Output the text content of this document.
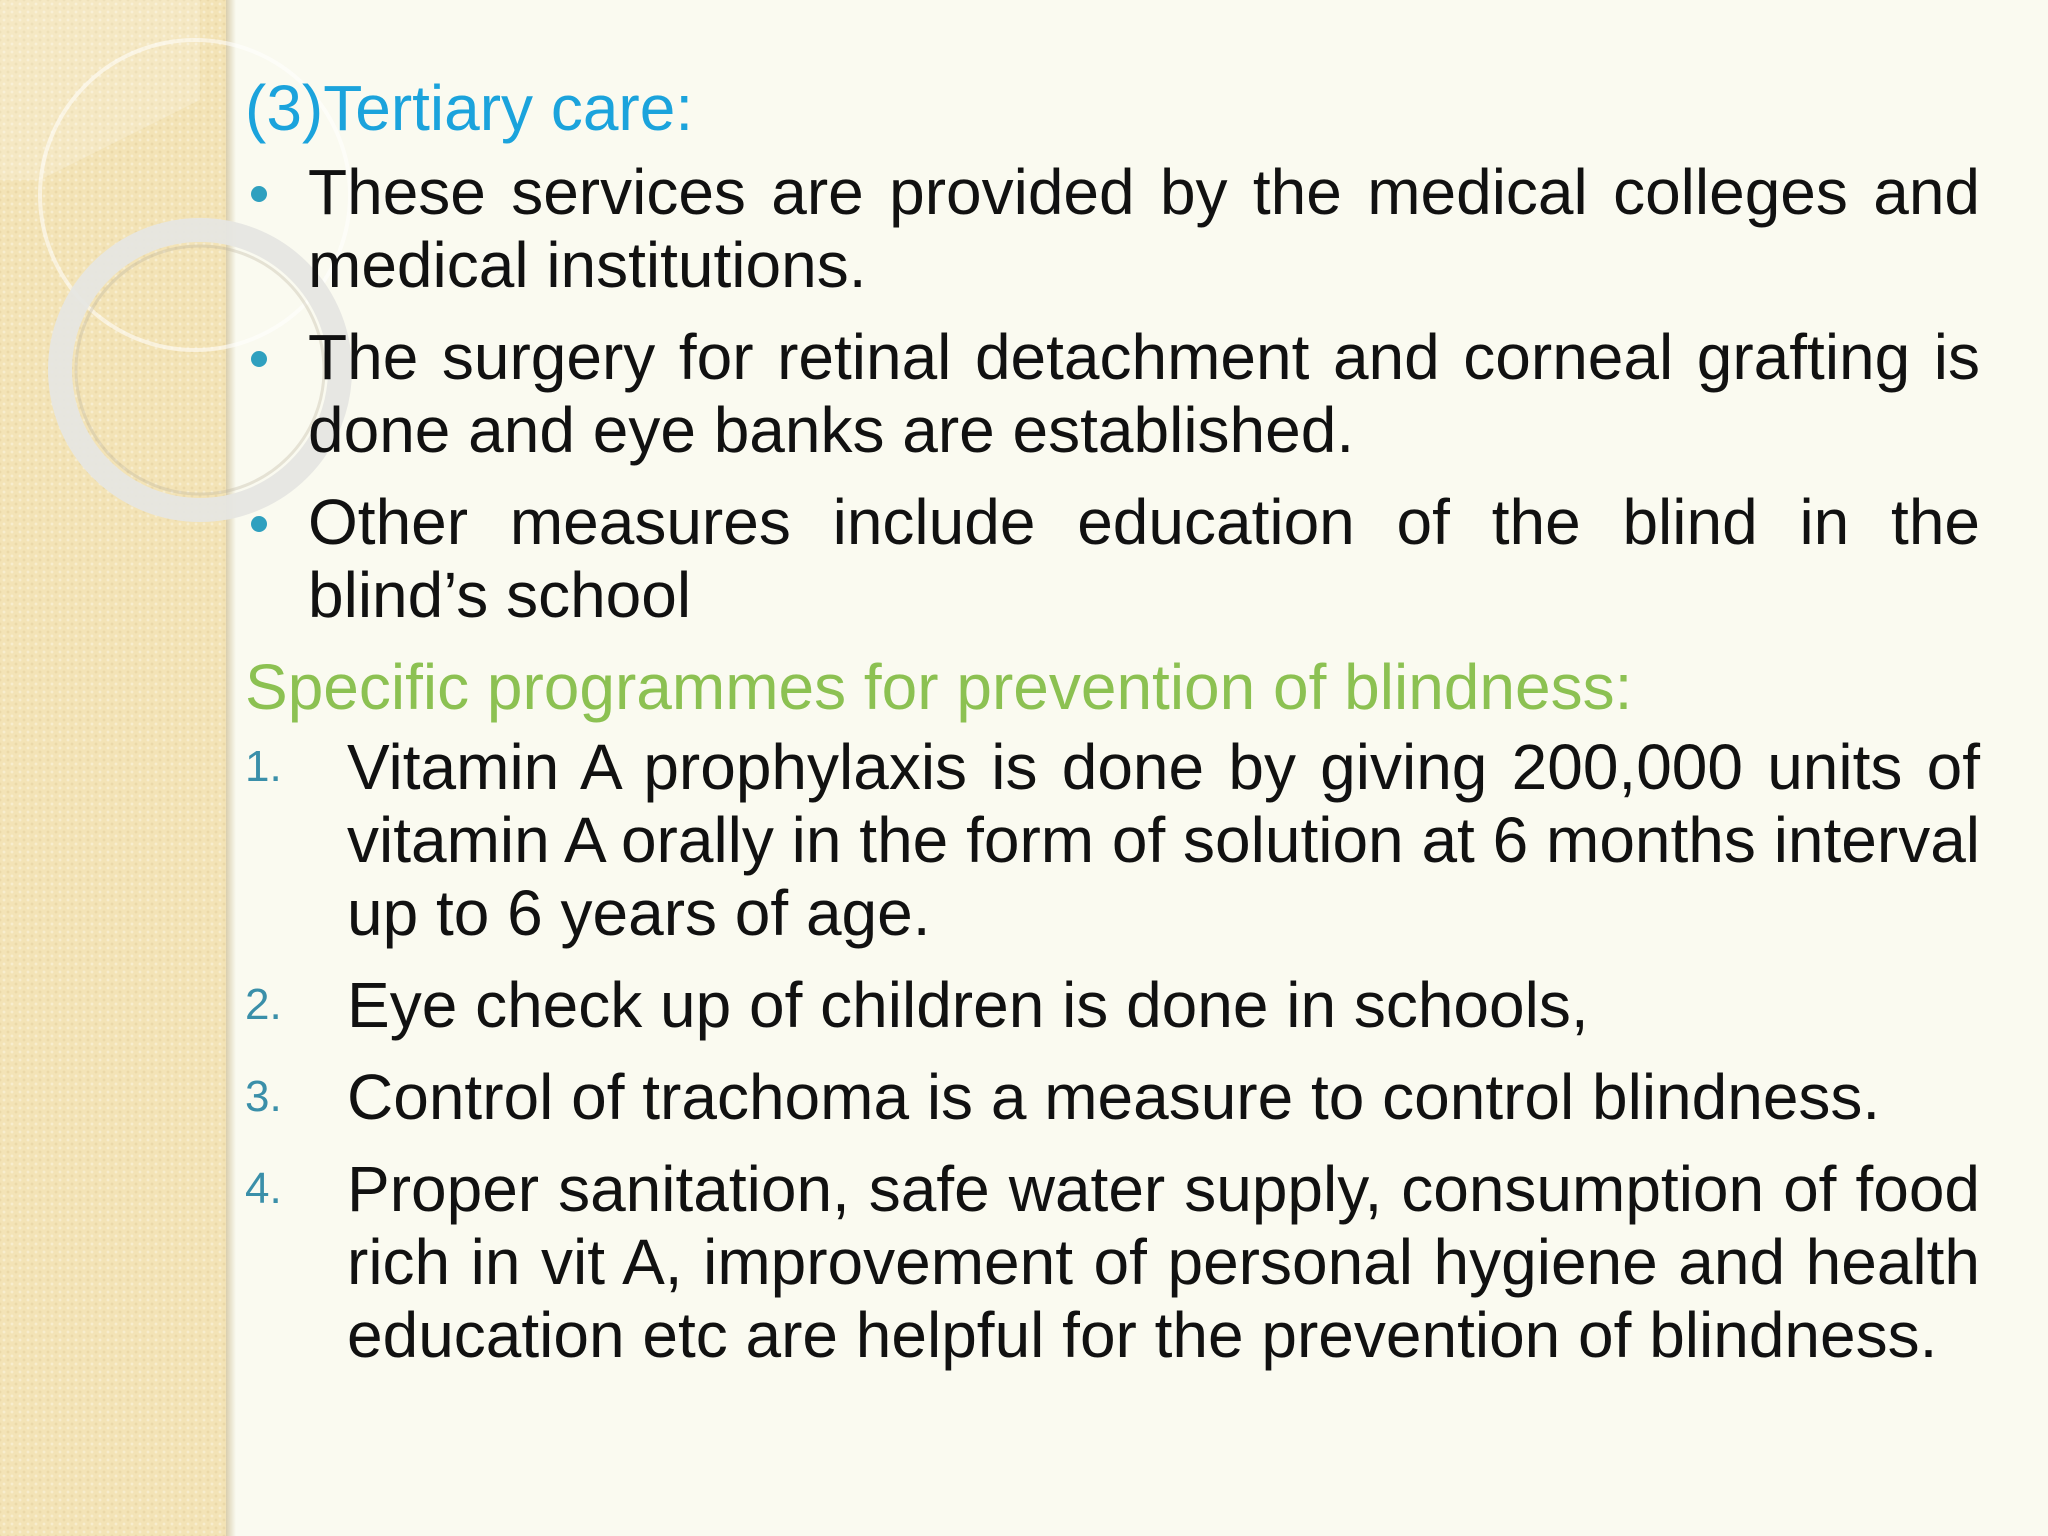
(3)Tertiary care:
These services are provided by the medical colleges and medical institutions.
The surgery for retinal detachment and corneal grafting is done and eye banks are established.
Other measures include education of the blind in the blind’s school
Specific programmes for prevention of blindness:
1. Vitamin A prophylaxis is done by giving 200,000 units of vitamin A orally in the form of solution at 6 months interval up to 6 years of age.
2. Eye check up of children is done in schools,
3. Control of trachoma is a measure to control blindness.
4. Proper sanitation, safe water supply, consumption of food rich in vit A, improvement of personal hygiene and health education etc are helpful for the prevention of blindness.
